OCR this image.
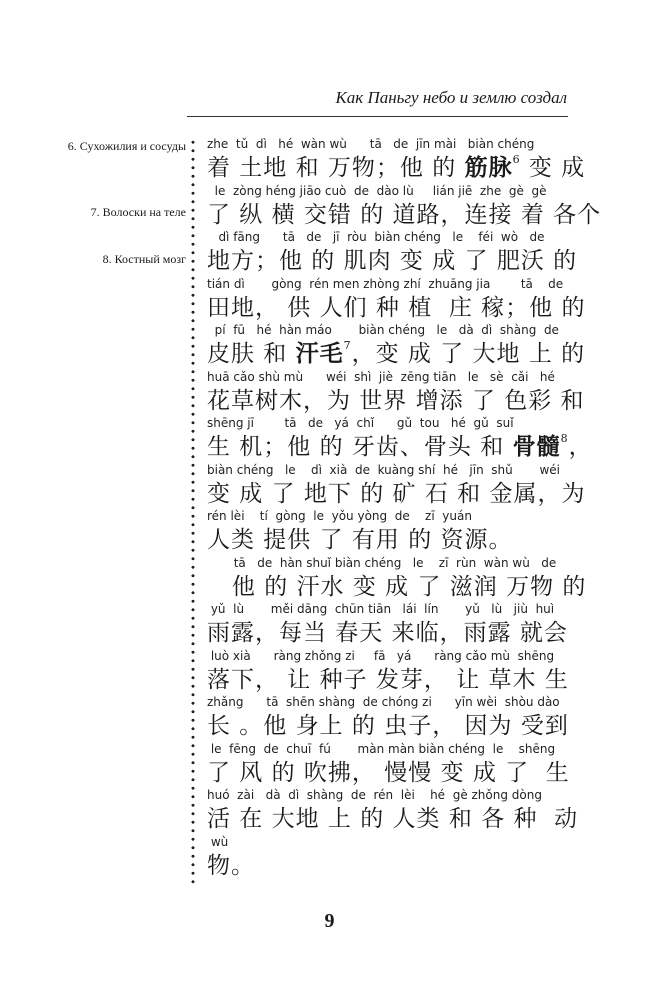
Как Паньгу небо и землю создал
6. Сухожилия и сосуды
7. Волоски на теле
8. Костный мозг
zhe  tǔ  dì   hé  wàn wù      tā   de  jīn mài   biàn chéng
着 土地 和 万物；他 的 筋脉$^6$ 变 成
le  zòng héng jiāo cuò  de  dào lù     lián jiē  zhe  gè  gè
了 纵 横 交错 的 道路，连接 着 各个
dì fāng      tā   de   jī  ròu  biàn chéng   le    féi  wò   de
地方；他 的 肌肉 变 成 了 肥沃 的
tián dì       gòng  rén men zhòng zhí  zhuāng jia        tā    de
田地， 供 人们 种 植  庄 稼；他 的
pí  fū   hé  hàn máo       biàn chéng   le   dà  dì  shàng  de
皮肤 和 汗毛$^7$，变 成 了 大地 上 的
huā cǎo shù mù      wéi  shì  jiè  zēng tiān   le   sè  cǎi   hé
花草树木，为 世界 增添 了 色彩 和
shēng jī        tā   de   yá  chǐ      gǔ  tou   hé  gǔ  suǐ
生 机；他 的 牙齿、骨头 和 骨髓$^8$，
biàn chéng   le    dì  xià  de  kuàng shí  hé   jīn  shǔ       wéi
变 成 了 地下 的 矿 石 和 金属，为
rén lèi    tí  gòng  le  yǒu yòng  de    zī  yuán
人类 提供 了 有用 的 资源。
tā   de  hàn shuǐ biàn chéng   le    zī  rùn  wàn wù   de
他 的 汗水 变 成 了 滋润 万物 的
yǔ  lù       měi dāng  chūn tiān   lái  lín       yǔ   lù   jiù  huì
雨露，每当 春天 来临，雨露 就会
luò xià      ràng zhǒng zi     fā   yá      ràng cǎo mù  shēng
落下， 让 种子 发芽， 让 草木 生
zhǎng      tā  shēn shàng  de chóng zi      yīn wèi  shòu dào
长 。他 身上 的 虫子， 因为 受到
le  fēng  de  chuī  fú       màn màn biàn chéng  le    shēng
了 风 的 吹拂， 慢慢 变 成 了  生
huó  zài   dà  dì  shàng  de  rén  lèi    hé  gè zhǒng dòng
活 在 大地 上 的 人类 和 各 种  动
wù
物。
9
